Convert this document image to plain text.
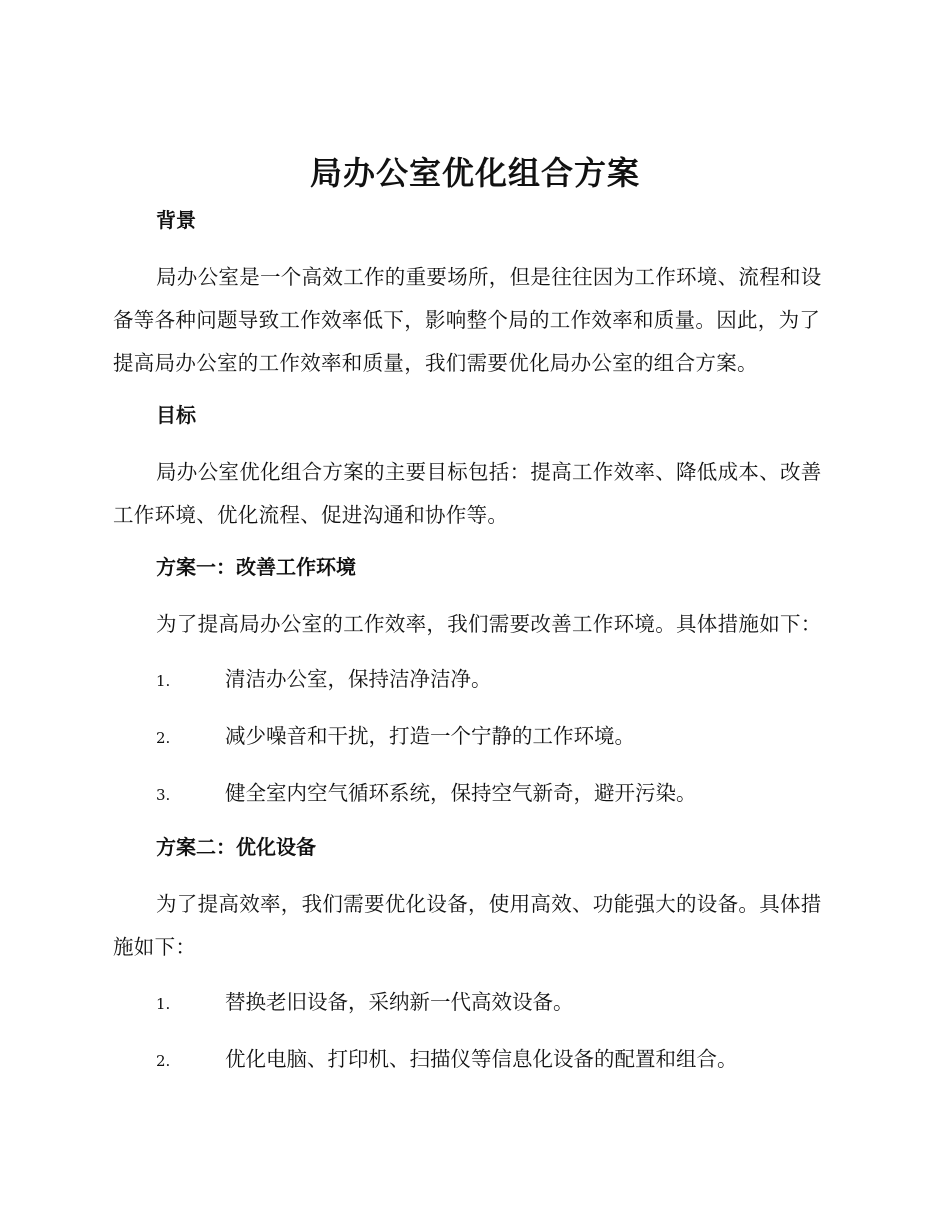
局办公室优化组合方案
背景

局办公室是一个高效工作的重要场所，但是往往因为工作环境、流程和设备等各种问题导致工作效率低下，影响整个局的工作效率和质量。因此，为了提高局办公室的工作效率和质量，我们需要优化局办公室的组合方案。

目标

局办公室优化组合方案的主要目标包括：提高工作效率、降低成本、改善工作环境、优化流程、促进沟通和协作等。

方案一：改善工作环境

为了提高局办公室的工作效率，我们需要改善工作环境。具体措施如下：

1.	清洁办公室，保持洁净洁净。
2.	减少噪音和干扰，打造一个宁静的工作环境。
3.	健全室内空气循环系统，保持空气新奇，避开污染。
方案二：优化设备

为了提高效率，我们需要优化设备，使用高效、功能强大的设备。具体措施如下：

1.	替换老旧设备，采纳新一代高效设备。
2.	优化电脑、打印机、扫描仪等信息化设备的配置和组合。
